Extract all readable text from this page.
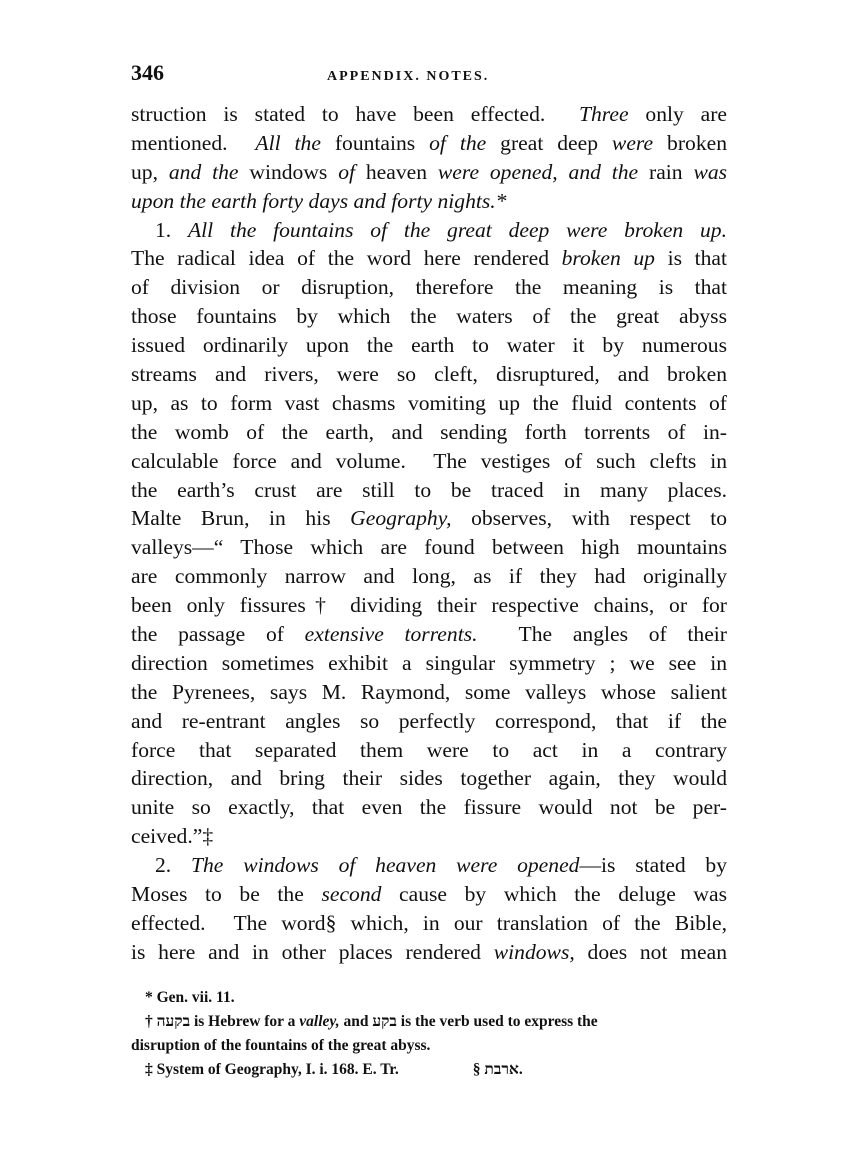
346	APPENDIX. NOTES.
struction is stated to have been effected.  Three only are
mentioned.  All the fountains of the great deep were broken
up, and the windows of heaven were opened, and the rain was
upon the earth forty days and forty nights.*
1. All the fountains of the great deep were broken up.
The radical idea of the word here rendered broken up is that
of division or disruption, therefore the meaning is that
those fountains by which the waters of the great abyss
issued ordinarily upon the earth to water it by numerous
streams and rivers, were so cleft, disruptured, and broken
up, as to form vast chasms vomiting up the fluid contents of
the womb of the earth, and sending forth torrents of in-
calculable force and volume.  The vestiges of such clefts in
the earth’s crust are still to be traced in many places.
Malte Brun, in his Geography, observes, with respect to
valleys—“ Those which are found between high mountains
are commonly narrow and long, as if they had originally
been only fissures† dividing their respective chains, or for
the passage of extensive torrents.  The angles of their
direction sometimes exhibit a singular symmetry ; we see in
the Pyrenees, says M. Raymond, some valleys whose salient
and re-entrant angles so perfectly correspond, that if the
force that separated them were to act in a contrary
direction, and bring their sides together again, they would
unite so exactly, that even the fissure would not be per-
ceived.”‡
2. The windows of heaven were opened—is stated by
Moses to be the second cause by which the deluge was
effected.  The word§ which, in our translation of the Bible,
is here and in other places rendered windows, does not mean
* Gen. vii. 11.
† בקעה is Hebrew for a valley, and בקע is the verb used to express the
disruption of the fountains of the great abyss.
‡ System of Geography, I. i. 168. E. Tr.	§ ארבת.
